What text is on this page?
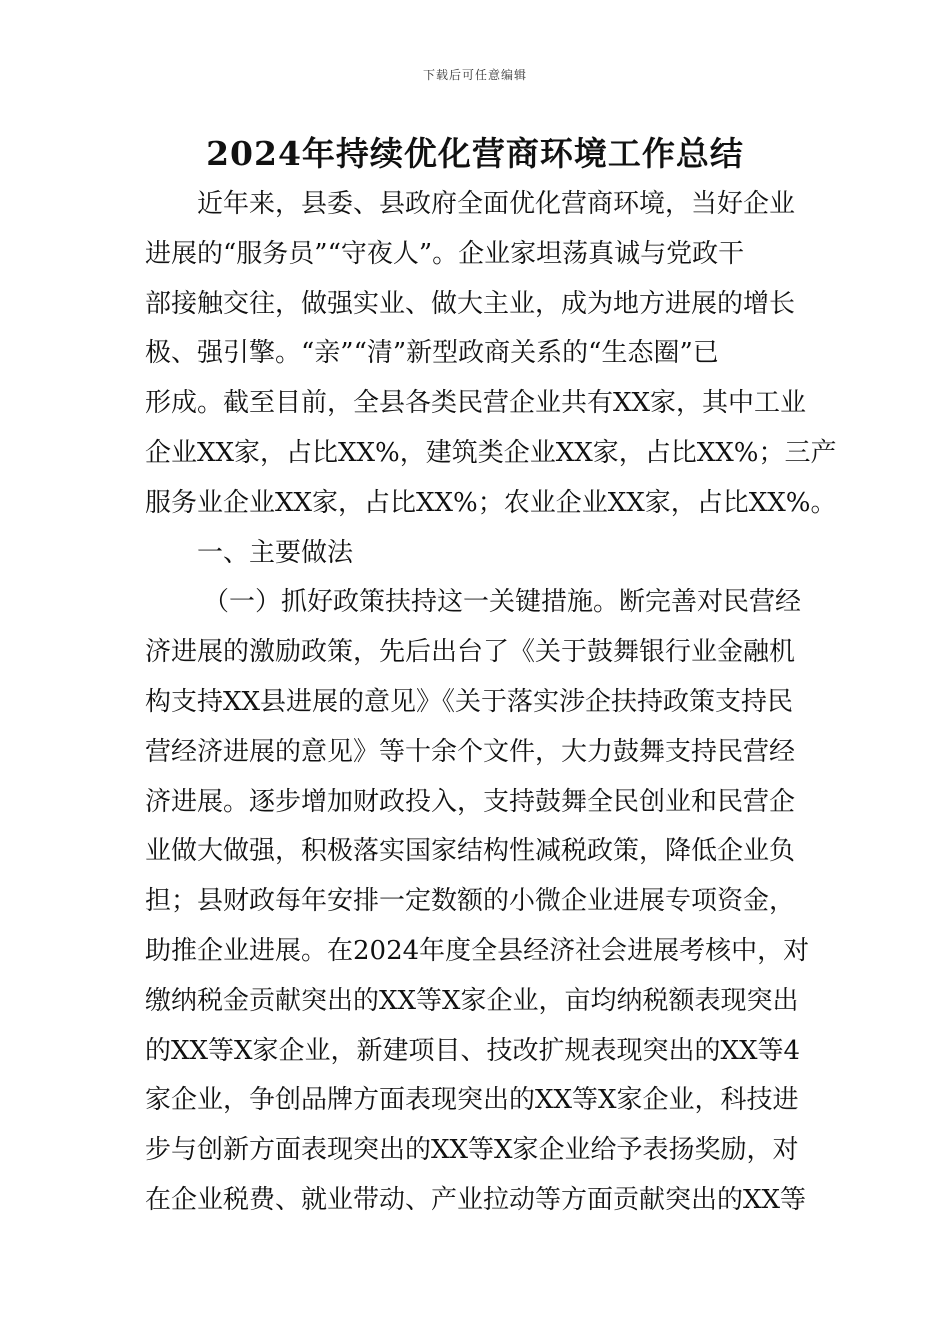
下载后可任意编辑
2024年持续优化营商环境工作总结
近年来，县委、县政府全面优化营商环境，当好企业
进展的“服务员”“守夜人”。企业家坦荡真诚与党政干
部接触交往，做强实业、做大主业，成为地方进展的增长
极、强引擎。“亲”“清”新型政商关系的“生态圈”已
形成。截至目前，全县各类民营企业共有XX家，其中工业
企业XX家，占比XX%，建筑类企业XX家，占比XX%；三产
服务业企业XX家，占比XX%；农业企业XX家，占比XX%。
一、主要做法
（一）抓好政策扶持这一关键措施。断完善对民营经
济进展的激励政策，先后出台了《关于鼓舞银行业金融机
构支持XX县进展的意见》《关于落实涉企扶持政策支持民
营经济进展的意见》等十余个文件，大力鼓舞支持民营经
济进展。逐步增加财政投入，支持鼓舞全民创业和民营企
业做大做强，积极落实国家结构性减税政策，降低企业负
担；县财政每年安排一定数额的小微企业进展专项资金，
助推企业进展。在2024年度全县经济社会进展考核中，对
缴纳税金贡献突出的XX等X家企业，亩均纳税额表现突出
的XX等X家企业，新建项目、技改扩规表现突出的XX等4
家企业，争创品牌方面表现突出的XX等X家企业，科技进
步与创新方面表现突出的XX等X家企业给予表扬奖励，对
在企业税费、就业带动、产业拉动等方面贡献突出的XX等
